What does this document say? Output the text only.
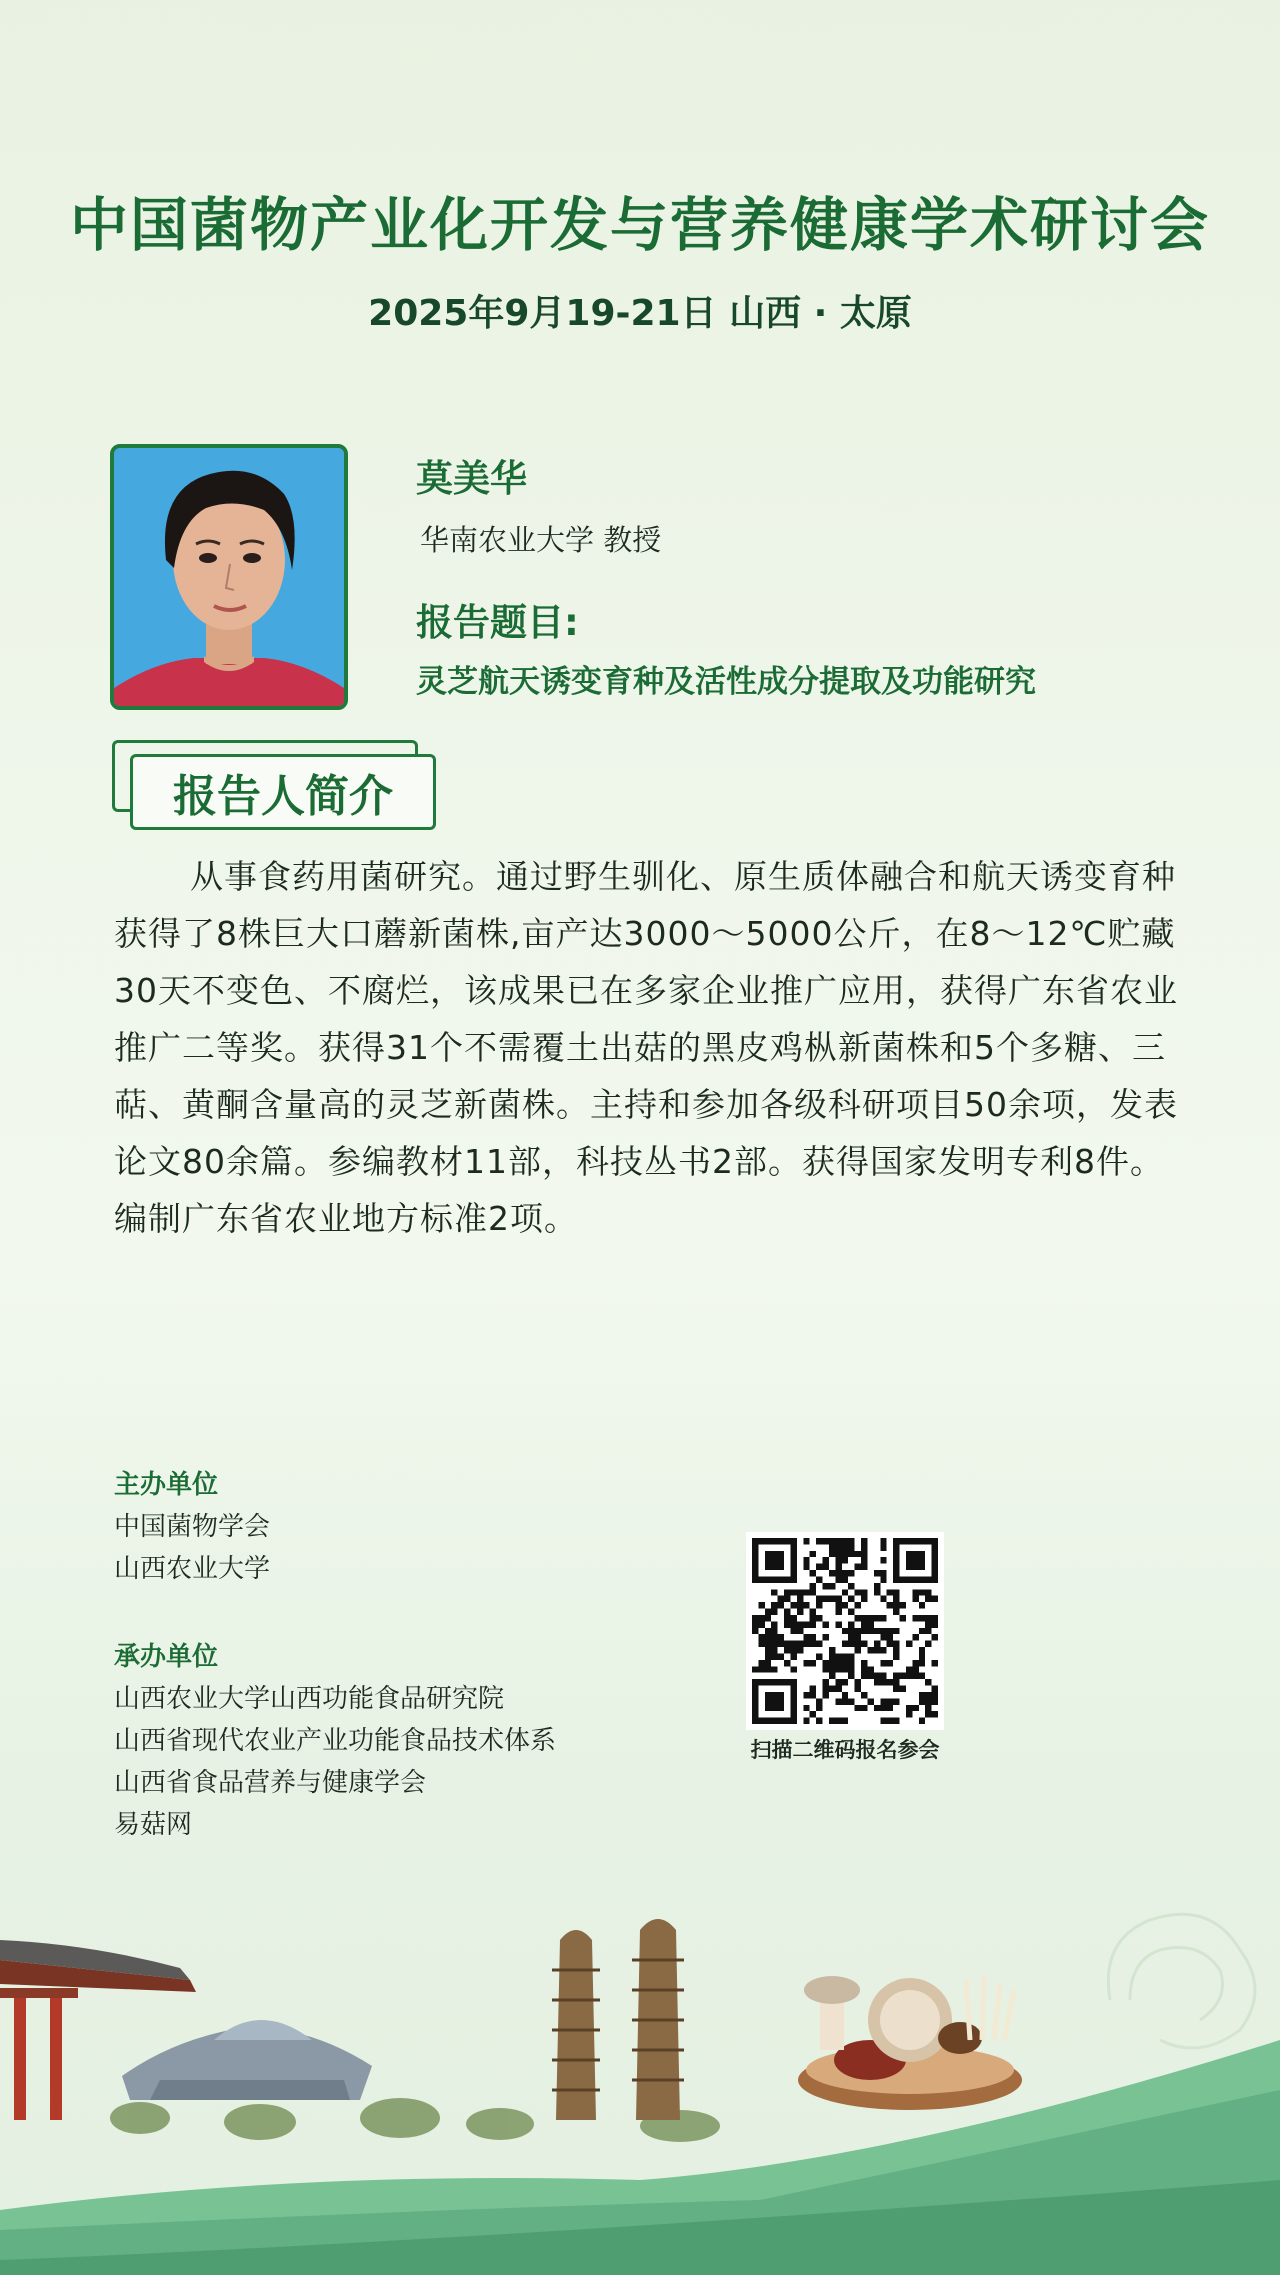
中国菌物产业化开发与营养健康学术研讨会
2025年9月19-21日 山西 · 太原
莫美华
华南农业大学 教授
报告题目:
灵芝航天诱变育种及活性成分提取及功能研究
报告人简介
从事食药用菌研究。通过野生驯化、原生质体融合和航天诱变育种获得了8株巨大口蘑新菌株,亩产达3000～5000公斤，在8～12℃贮藏30天不变色、不腐烂，该成果已在多家企业推广应用，获得广东省农业推广二等奖。获得31个不需覆土出菇的黑皮鸡枞新菌株和5个多糖、三萜、黄酮含量高的灵芝新菌株。主持和参加各级科研项目50余项，发表论文80余篇。参编教材11部，科技丛书2部。获得国家发明专利8件。编制广东省农业地方标准2项。
主办单位
中国菌物学会
山西农业大学
承办单位
山西农业大学山西功能食品研究院
山西省现代农业产业功能食品技术体系
山西省食品营养与健康学会
易菇网
扫描二维码报名参会
